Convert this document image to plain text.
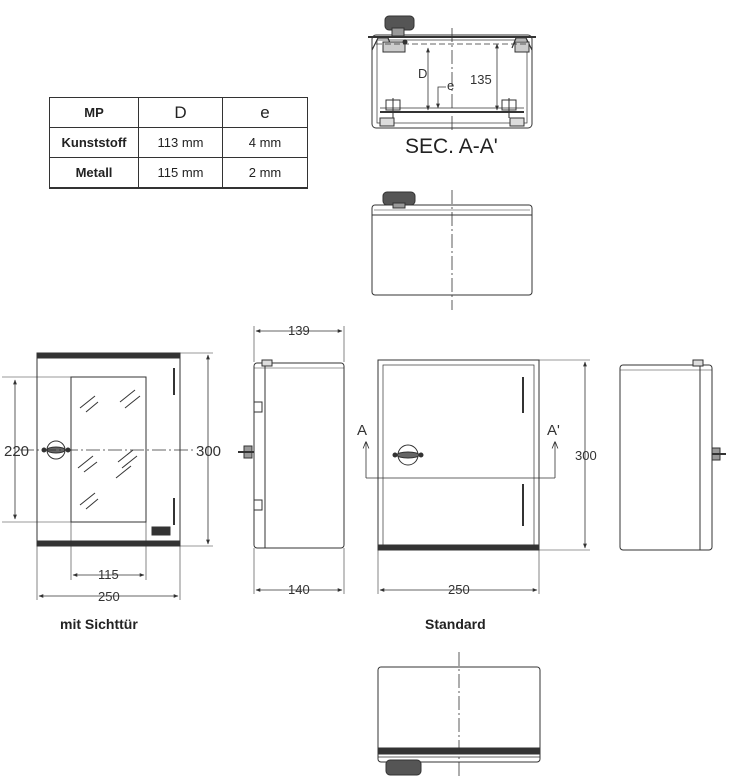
D
e 135
220	300
115
250
139
140
A	A'
300
250
MP	D	e
Kunststoff	113 mm	4 mm
Metall	115 mm	2 mm
SEC. A-A'
mit Sichttür	Standard
